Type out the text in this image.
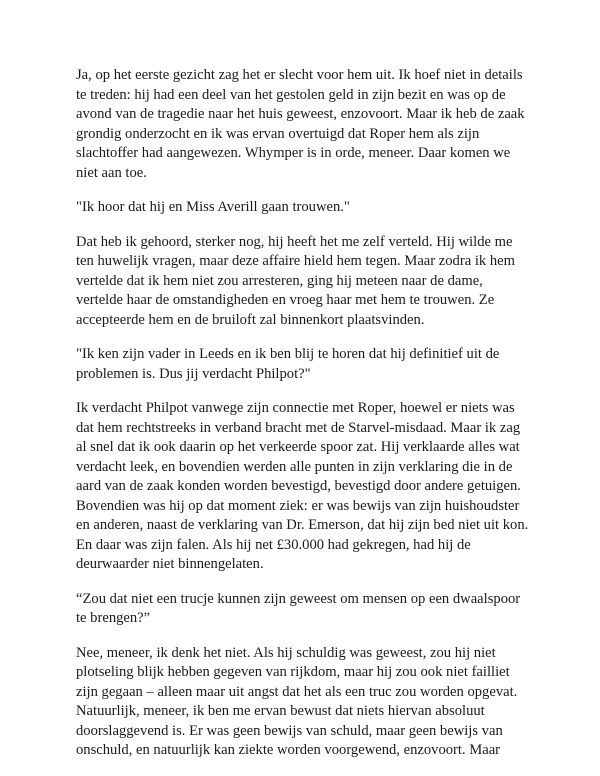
Ja, op het eerste gezicht zag het er slecht voor hem uit. Ik hoef niet in details te treden: hij had een deel van het gestolen geld in zijn bezit en was op de avond van de tragedie naar het huis geweest, enzovoort. Maar ik heb de zaak grondig onderzocht en ik was ervan overtuigd dat Roper hem als zijn slachtoffer had aangewezen. Whymper is in orde, meneer. Daar komen we niet aan toe.

"Ik hoor dat hij en Miss Averill gaan trouwen."

Dat heb ik gehoord, sterker nog, hij heeft het me zelf verteld. Hij wilde me ten huwelijk vragen, maar deze affaire hield hem tegen. Maar zodra ik hem vertelde dat ik hem niet zou arresteren, ging hij meteen naar de dame, vertelde haar de omstandigheden en vroeg haar met hem te trouwen. Ze accepteerde hem en de bruiloft zal binnenkort plaatsvinden.

"Ik ken zijn vader in Leeds en ik ben blij te horen dat hij definitief uit de problemen is. Dus jij verdacht Philpot?"

Ik verdacht Philpot vanwege zijn connectie met Roper, hoewel er niets was dat hem rechtstreeks in verband bracht met de Starvel-misdaad. Maar ik zag al snel dat ik ook daarin op het verkeerde spoor zat. Hij verklaarde alles wat verdacht leek, en bovendien werden alle punten in zijn verklaring die in de aard van de zaak konden worden bevestigd, bevestigd door andere getuigen. Bovendien was hij op dat moment ziek: er was bewijs van zijn huishoudster en anderen, naast de verklaring van Dr. Emerson, dat hij zijn bed niet uit kon. En daar was zijn falen. Als hij net £30.000 had gekregen, had hij de deurwaarder niet binnengelaten.

“Zou dat niet een trucje kunnen zijn geweest om mensen op een dwaalspoor te brengen?”

Nee, meneer, ik denk het niet. Als hij schuldig was geweest, zou hij niet plotseling blijk hebben gegeven van rijkdom, maar hij zou ook niet failliet zijn gegaan – alleen maar uit angst dat het als een truc zou worden opgevat. Natuurlijk, meneer, ik ben me ervan bewust dat niets hiervan absoluut doorslaggevend is. Er was geen bewijs van schuld, maar geen bewijs van onschuld, en natuurlijk kan ziekte worden voorgewend, enzovoort. Maar
